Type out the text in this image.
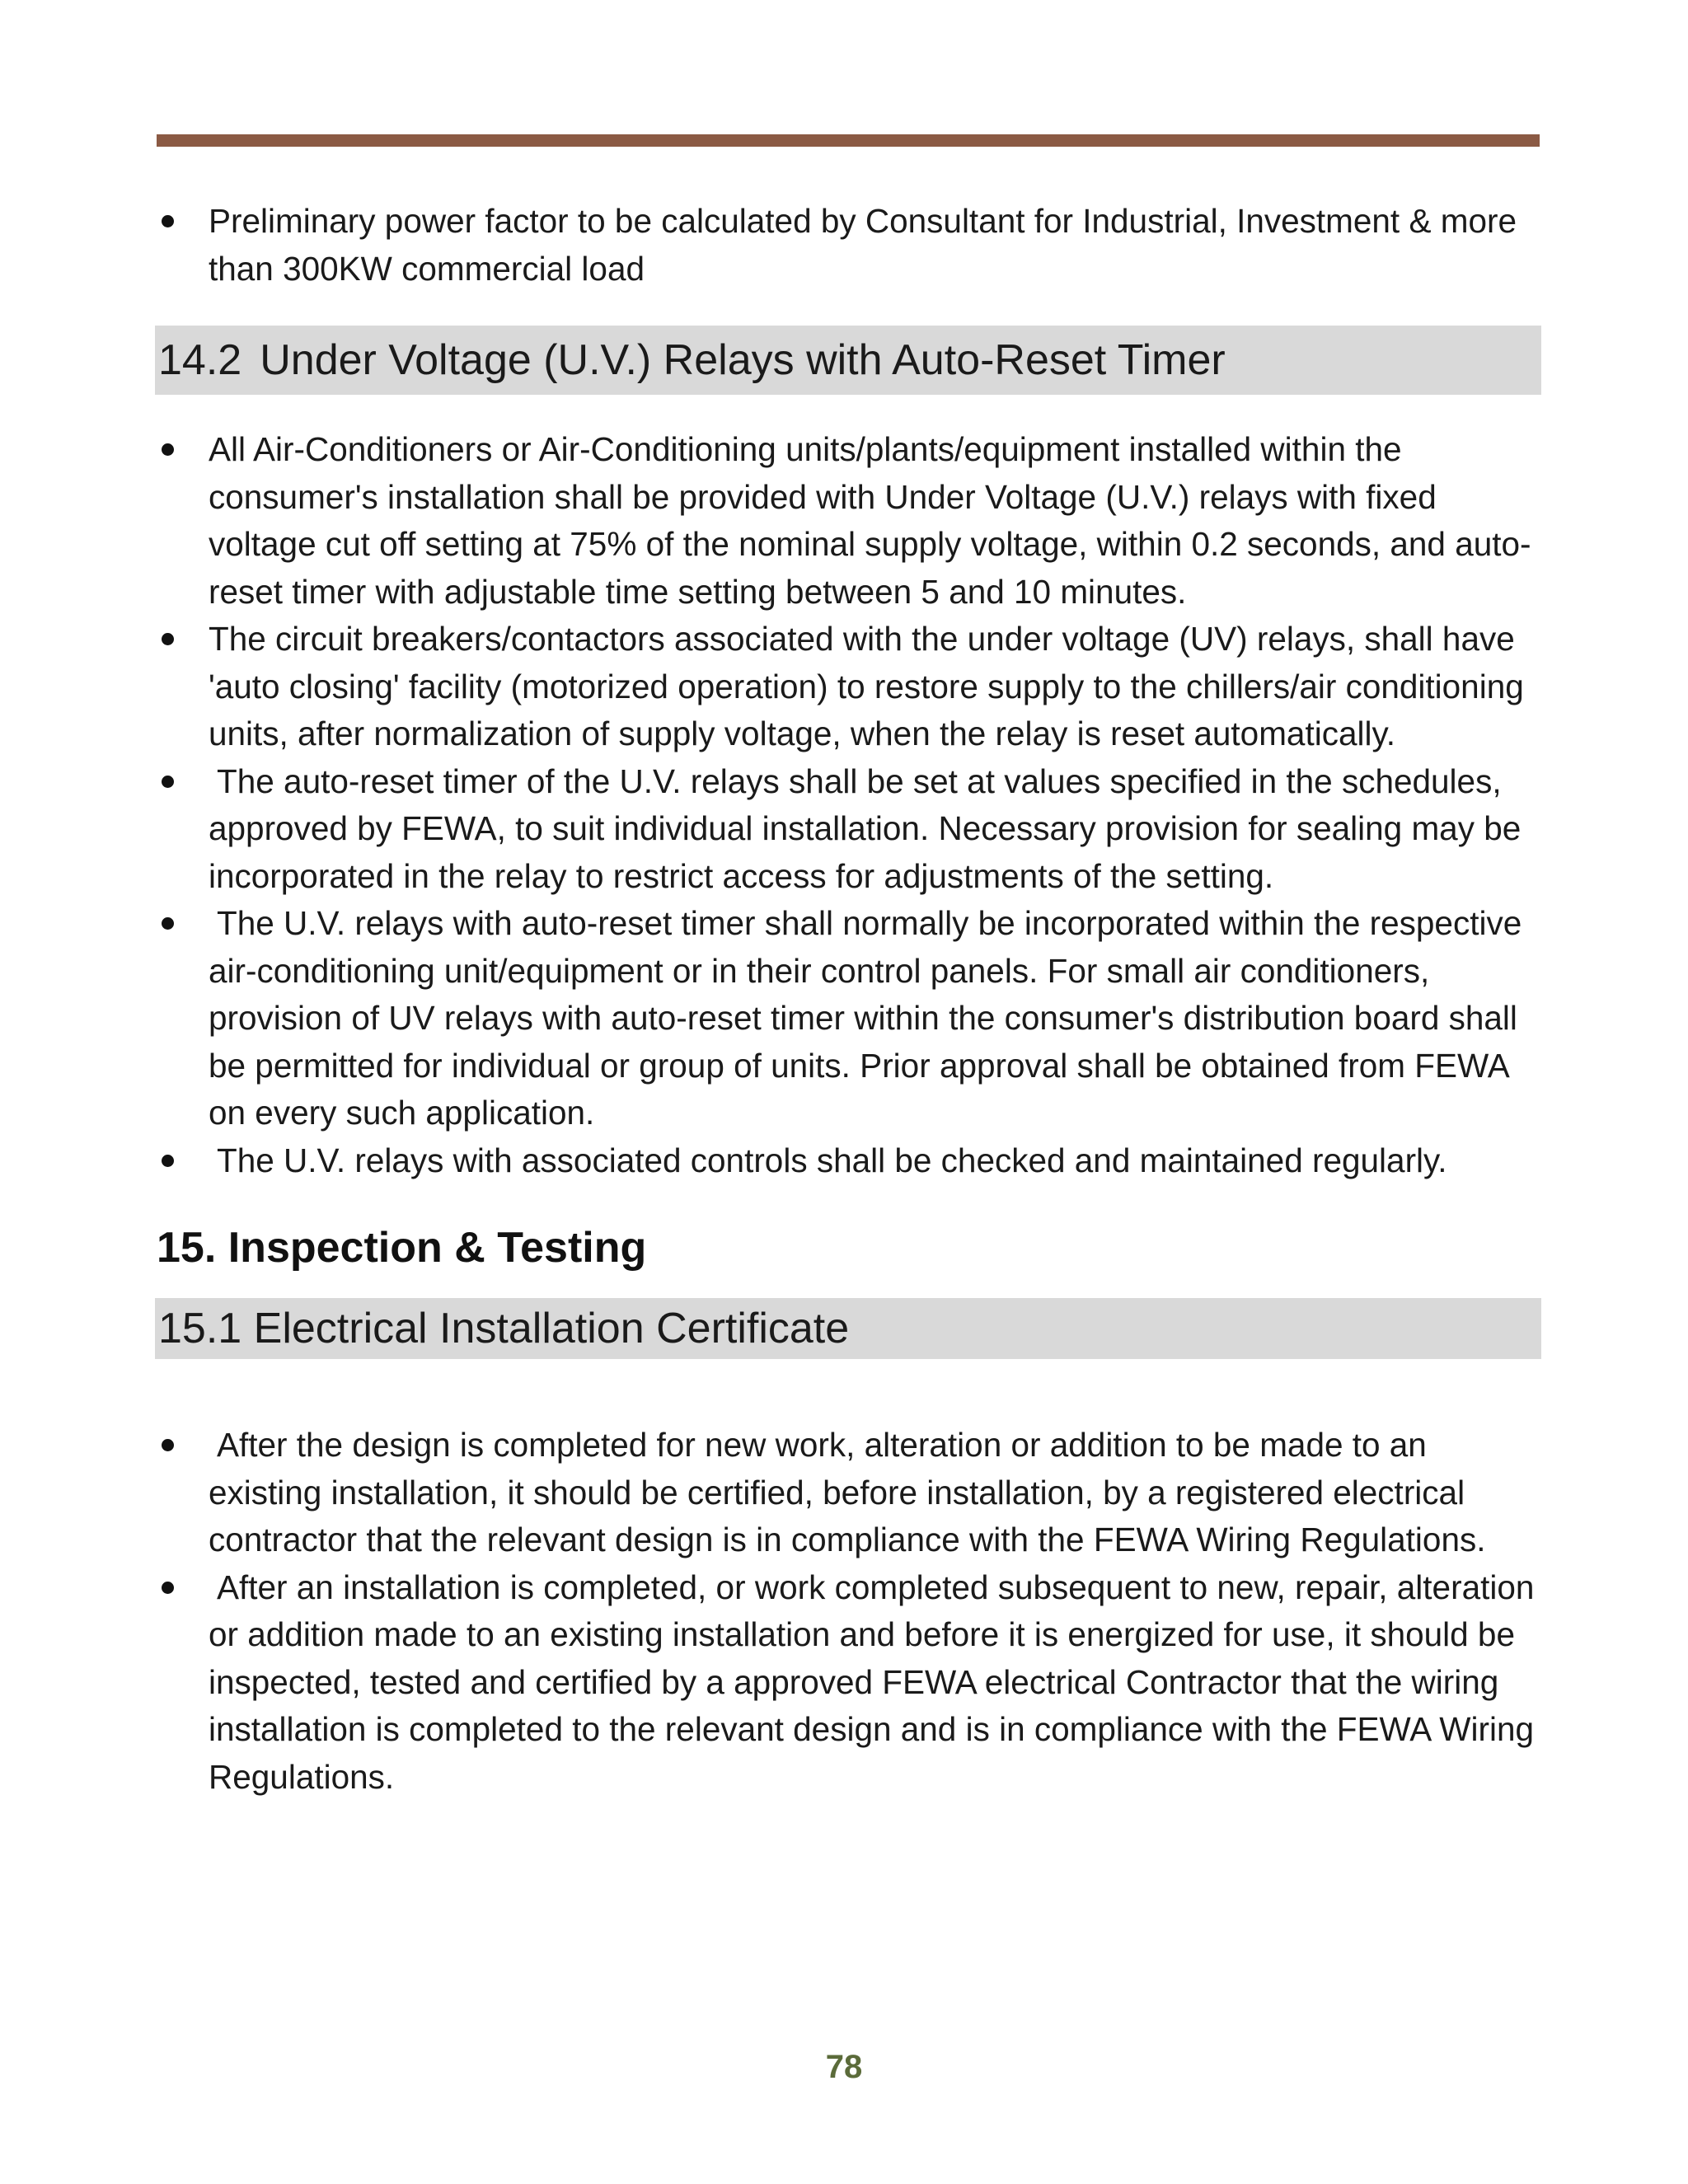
Preliminary power factor to be calculated by Consultant for Industrial, Investment & more than 300KW commercial load
14.2 Under Voltage (U.V.) Relays with Auto-Reset Timer
All Air-Conditioners or Air-Conditioning units/plants/equipment installed within the consumer's installation shall be provided with Under Voltage (U.V.) relays with fixed voltage cut off setting at 75% of the nominal supply voltage, within 0.2 seconds, and auto-reset timer with adjustable time setting between 5 and 10 minutes.
The circuit breakers/contactors associated with the under voltage (UV) relays, shall have 'auto closing' facility (motorized operation) to restore supply to the chillers/air conditioning units, after normalization of supply voltage, when the relay is reset automatically.
The auto-reset timer of the U.V. relays shall be set at values specified in the schedules, approved by FEWA, to suit individual installation. Necessary provision for sealing may be incorporated in the relay to restrict access for adjustments of the setting.
The U.V. relays with auto-reset timer shall normally be incorporated within the respective air-conditioning unit/equipment or in their control panels. For small air conditioners, provision of UV relays with auto-reset timer within the consumer's distribution board shall be permitted for individual or group of units. Prior approval shall be obtained from FEWA on every such application.
The U.V. relays with associated controls shall be checked and maintained regularly.
15. Inspection & Testing
15.1 Electrical Installation Certificate
After the design is completed for new work, alteration or addition to be made to an existing installation, it should be certified, before installation, by a registered electrical contractor that the relevant design is in compliance with the FEWA Wiring Regulations.
After an installation is completed, or work completed subsequent to new, repair, alteration or addition made to an existing installation and before it is energized for use, it should be inspected, tested and certified by a approved FEWA electrical Contractor that the wiring installation is completed to the relevant design and is in compliance with the FEWA Wiring Regulations.
78
